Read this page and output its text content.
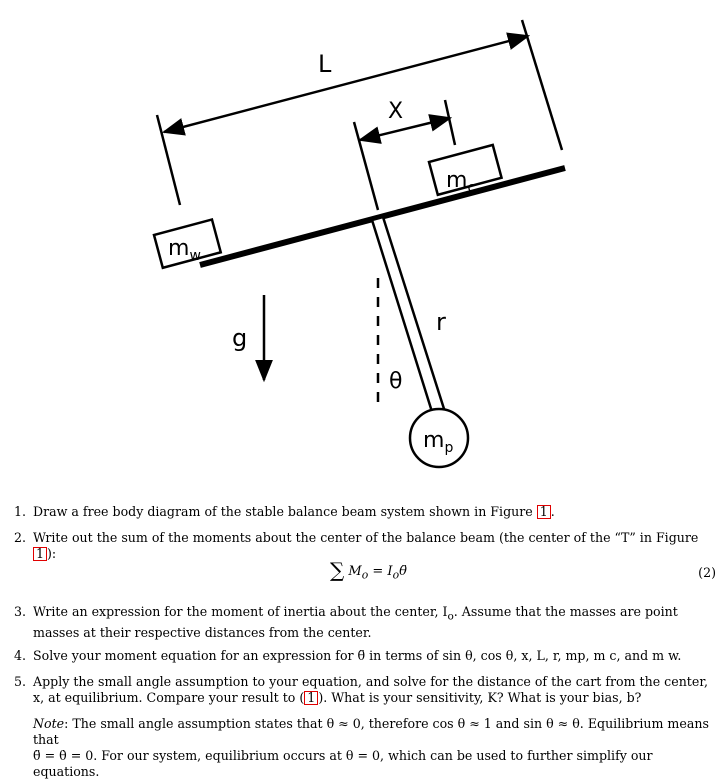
L
X
$m_c$
$m_w$
$m_p$
g
r
θ
1. Draw a free body diagram of the stable balance beam system shown in Figure 1 .
2. Write out the sum of the moments about the center of the balance beam (the center of the “T” in Figure 1 ):
∑ $M_o$ = $I_o\thetä$	(2)
3. Write an expression for the moment of inertia about the center, $I_o$. Assume that the masses are point masses at their respective distances from the center.
4. Solve your moment equation for an expression for θ̈ in terms of sin θ, cos θ, x, L, r, mp, m c, and m w.
5. Apply the small angle assumption to your equation, and solve for the distance of the cart from the center, x, at equilibrium. Compare your result to ( 1 ). What is your sensitivity, K? What is your bias, b?
Note: The small angle assumption states that θ ≈ 0, therefore cos θ ≈ 1 and sin θ ≈ θ. Equilibrium means that
θ̈ = θ̇ = 0. For our system, equilibrium occurs at θ = 0, which can be used to further simplify our equations.
